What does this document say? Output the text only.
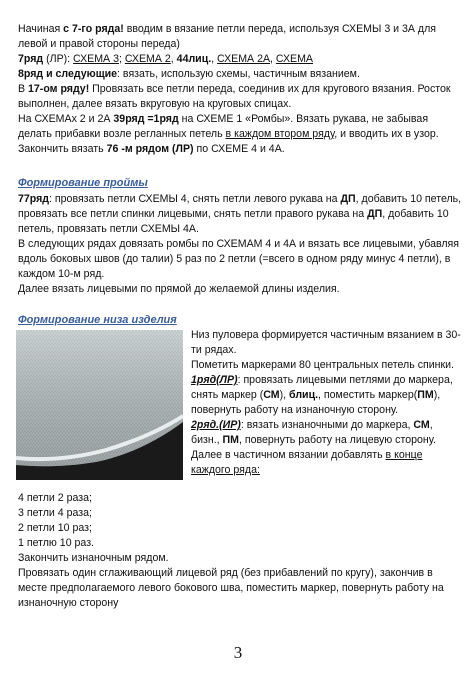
Начиная с 7-го ряда! вводим в вязание петли переда, используя СХЕМЫ 3 и 3А для левой и правой стороны переда)

7ряд (ЛР): СХЕМА 3; СХЕМА 2, 44лиц., СХЕМА 2А, СХЕМА

8ряд и следующие: вязать, использую схемы, частичным вязанием.

В 17-ом ряду! Провязать все петли переда, соединив их для кругового вязания. Росток выполнен, далее вязать вкруговую на круговых спицах.

На СХЕМАх 2 и 2А 39ряд =1ряд на СХЕМЕ 1 «Ромбы». Вязать рукава, не забывая делать прибавки возле регланных петель в каждом втором ряду, и вводить их в узор.

Закончить вязать 76 -м рядом (ЛР) по СХЕМЕ 4 и 4А.

Формирование проймы

77ряд: провязать петли СХЕМЫ 4, снять петли левого рукава на ДП, добавить 10 петель, провязать все петли спинки лицевыми, снять петли правого рукава на ДП, добавить 10 петель, провязать петли СХЕМЫ 4А.

В следующих рядах довязать ромбы по СХЕМАМ 4 и 4А и вязать все лицевыми, убавляя вдоль боковых швов (до талии) 5 раз по 2 петли (=всего в одном ряду минус 4 петли), в каждом 10-м ряд.

Далее вязать лицевыми по прямой до желаемой длины изделия.

Формирование низа изделия

Низ пуловера формируется частичным вязанием в 30-ти рядах.

Пометить маркерами 80 центральных петель спинки.

1ряд(ЛР): провязать лицевыми петлями до маркера, снять маркер (СМ), блиц., поместить маркер(ПМ), повернуть работу на изнаночную сторону.

2ряд.(ИР): вязать изнаночными до маркера, СМ, бизн., ПМ, повернуть работу на лицевую сторону.

Далее в частичном вязании добавлять в конце каждого ряда:

4 петли 2 раза;

3 петли 4 раза;

2 петли 10 раз;

1 петлю 10 раз.

Закончить изнаночным рядом.

Провязать один сглаживающий лицевой ряд (без прибавлений по кругу), закончив в месте предполагаемого левого бокового шва, поместить маркер, повернуть работу на изнаночную сторону

3
